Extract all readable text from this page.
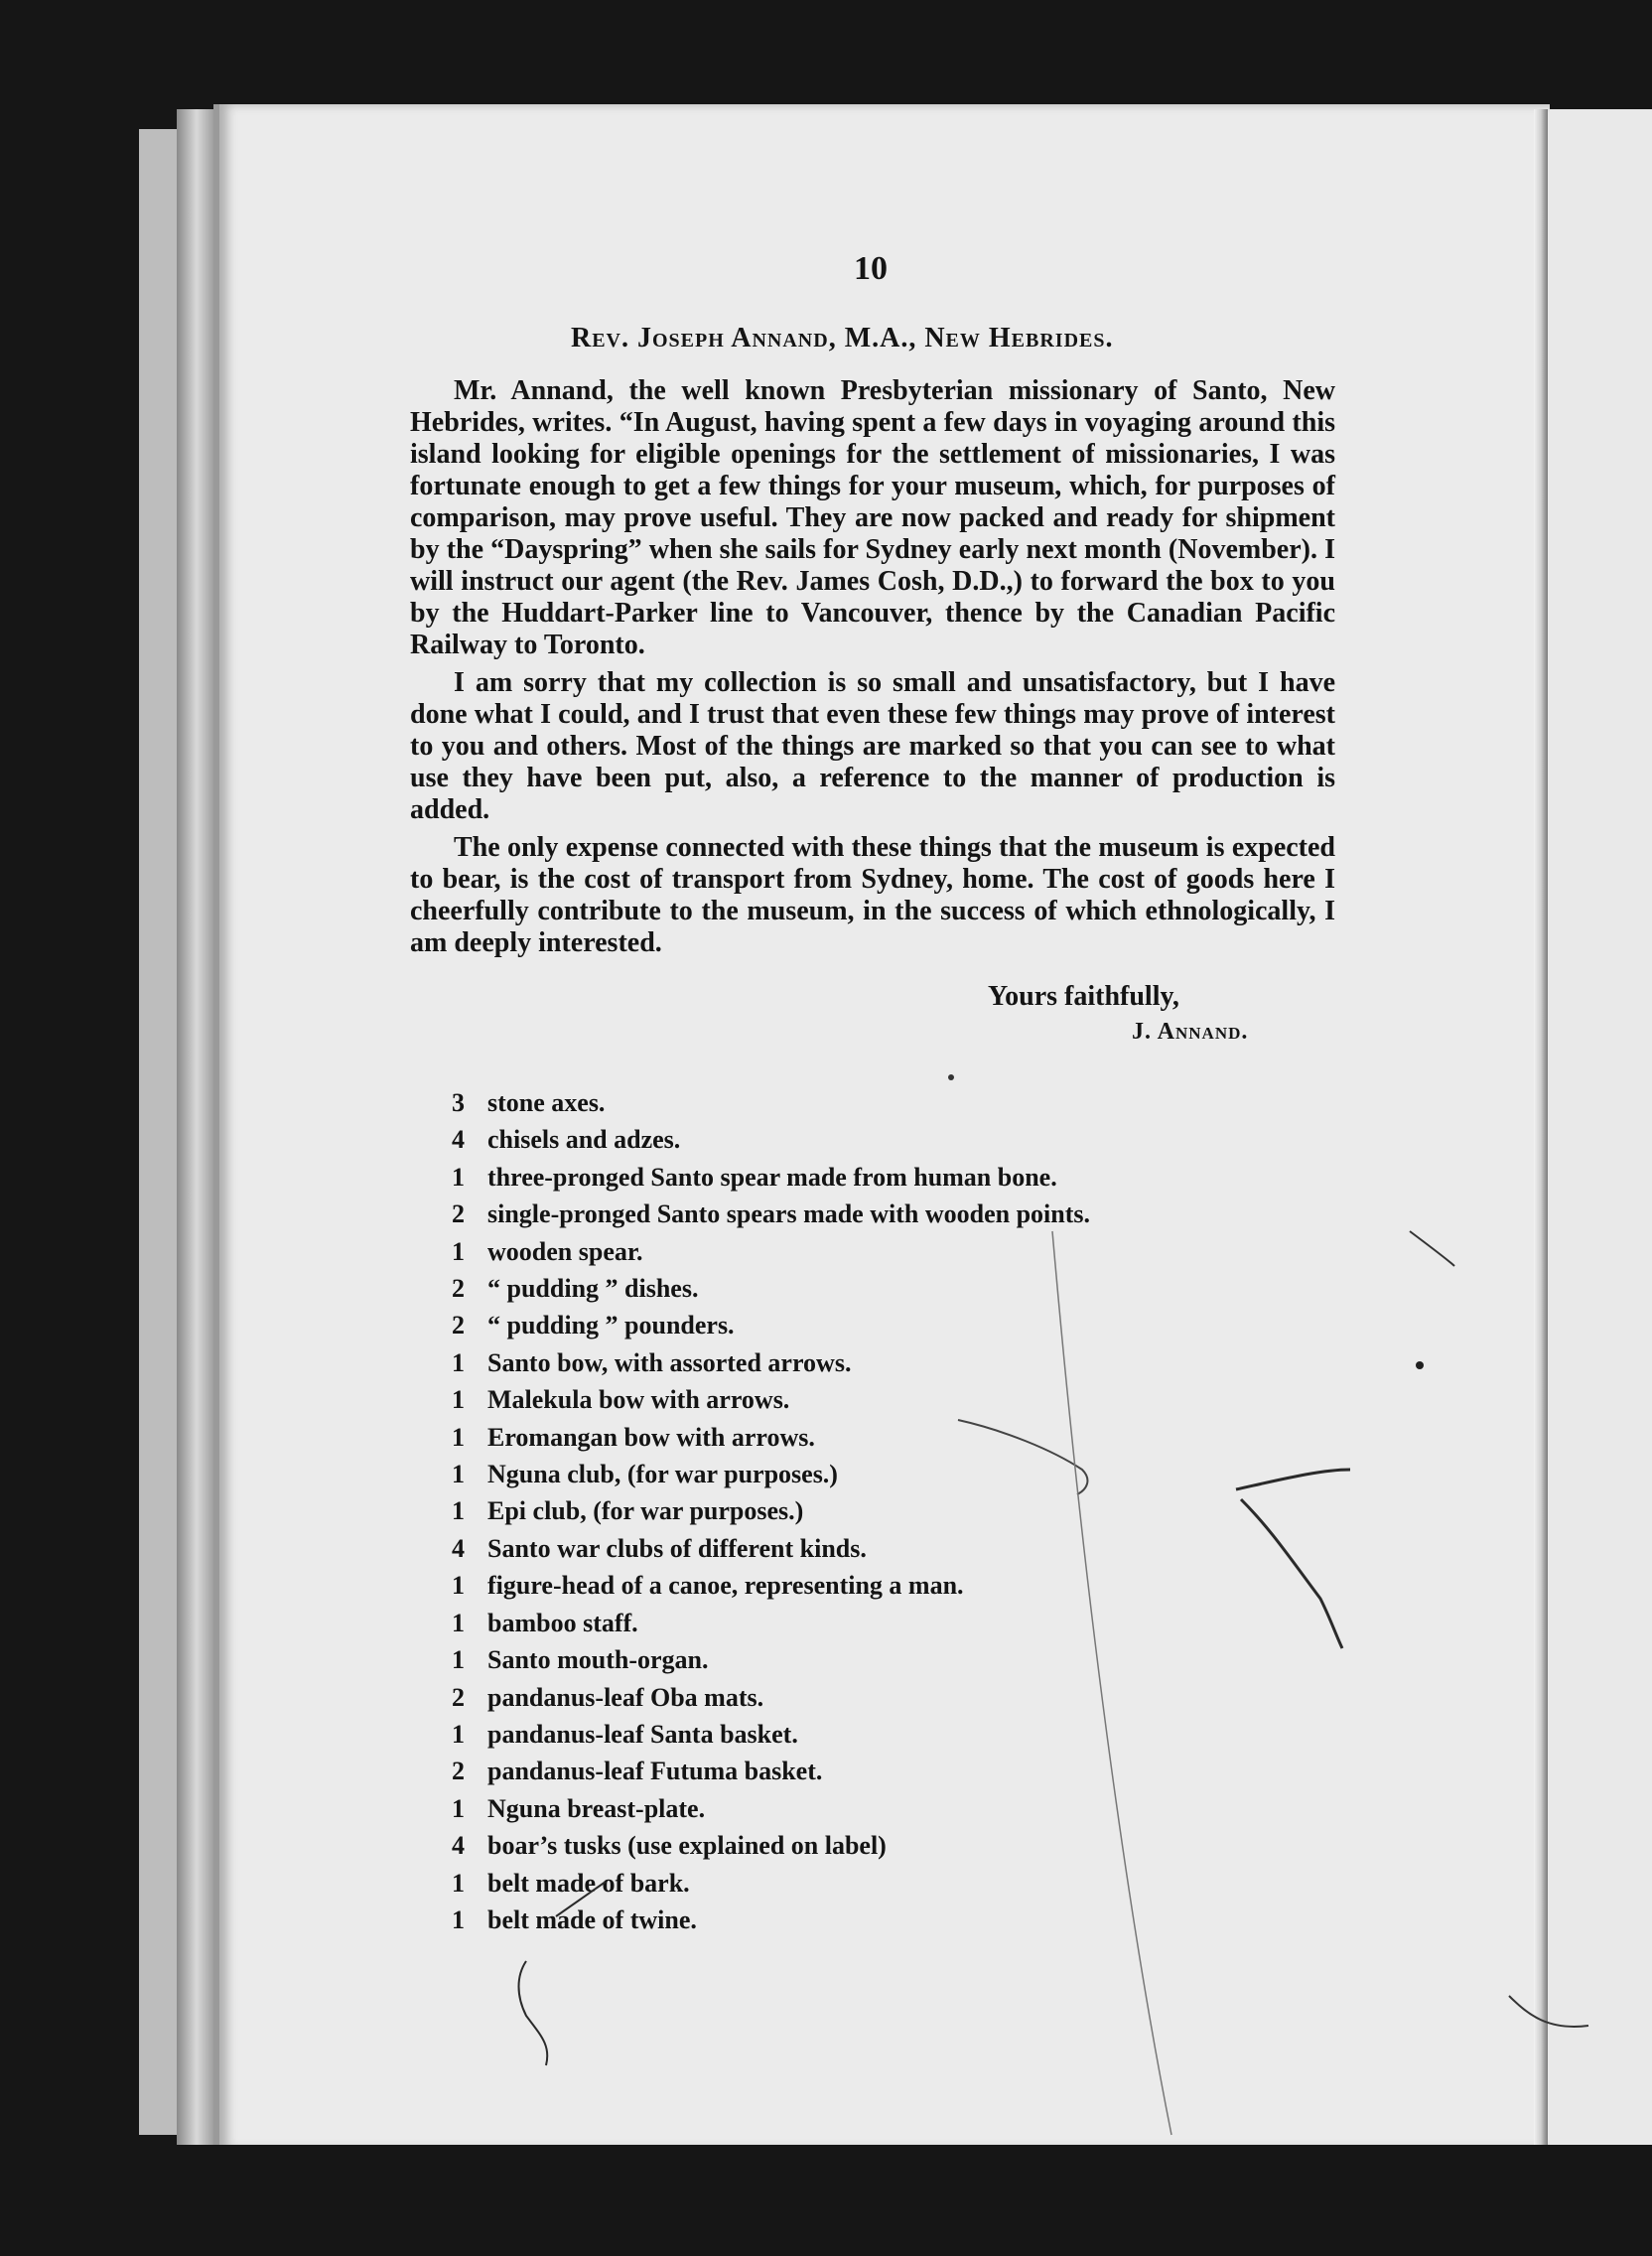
10
Rev. Joseph Annand, M.A., New Hebrides.

Mr. Annand, the well known Presbyterian missionary of Santo, New Hebrides, writes. “In August, having spent a few days in voyaging around this island looking for eligible openings for the settlement of missionaries, I was fortunate enough to get a few things for your museum, which, for purposes of comparison, may prove useful. They are now packed and ready for shipment by the “Dayspring” when she sails for Sydney early next month (November). I will instruct our agent (the Rev. James Cosh, D.D.,) to forward the box to you by the Huddart-Parker line to Vancouver, thence by the Canadian Pacific Railway to Toronto.

I am sorry that my collection is so small and unsatisfactory, but I have done what I could, and I trust that even these few things may prove of interest to you and others. Most of the things are marked so that you can see to what use they have been put, also, a reference to the manner of production is added.

The only expense connected with these things that the museum is expected to bear, is the cost of transport from Sydney, home. The cost of goods here I cheerfully contribute to the museum, in the success of which ethnologically, I am deeply interested.

Yours faithfully,
J. Annand.
3 stone axes.
4 chisels and adzes.
1 three-pronged Santo spear made from human bone.
2 single-pronged Santo spears made with wooden points.
1 wooden spear.
2 “ pudding ” dishes.
2 “ pudding ” pounders.
1 Santo bow, with assorted arrows.
1 Malekula bow with arrows.
1 Eromangan bow with arrows.
1 Nguna club, (for war purposes.)
1 Epi club, (for war purposes.)
4 Santo war clubs of different kinds.
1 figure-head of a canoe, representing a man.
1 bamboo staff.
1 Santo mouth-organ.
2 pandanus-leaf Oba mats.
1 pandanus-leaf Santa basket.
2 pandanus-leaf Futuma basket.
1 Nguna breast-plate.
4 boar’s tusks (use explained on label)
1 belt made of bark.
1 belt made of twine.
